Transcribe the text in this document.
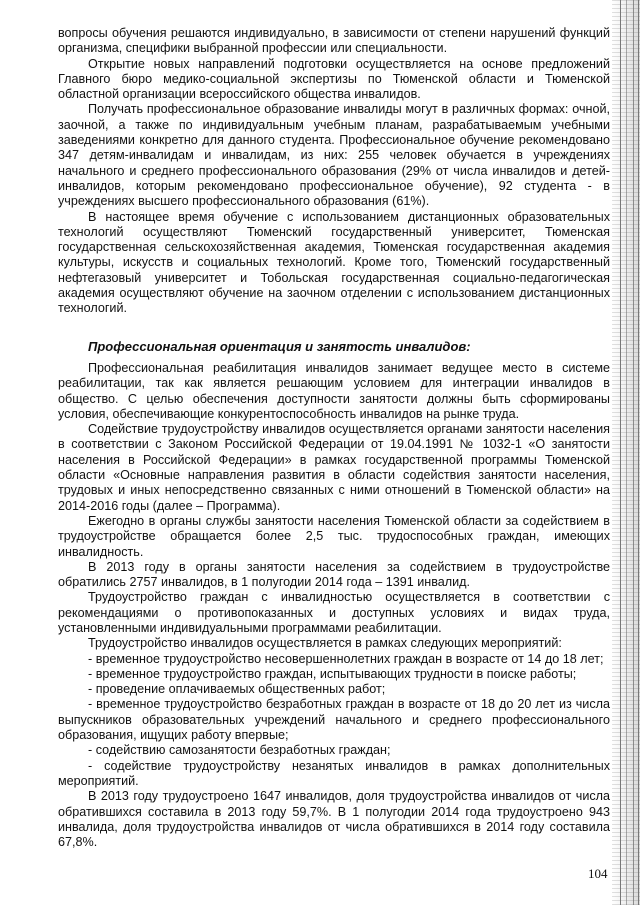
вопросы обучения решаются индивидуально, в зависимости от степени нарушений функций организма, специфики выбранной профессии или специальности.

Открытие новых направлений подготовки осуществляется на основе предложений Главного бюро медико-социальной экспертизы по Тюменской области и Тюменской областной организации всероссийского общества инвалидов.

Получать профессиональное образование инвалиды могут в различных формах: очной, заочной, а также по индивидуальным учебным планам, разрабатываемым учебными заведениями конкретно для данного студента. Профессиональное обучение рекомендовано 347 детям-инвалидам и инвалидам, из них: 255 человек обучается в учреждениях начального и среднего профессионального образования (29% от числа инвалидов и детей-инвалидов, которым рекомендовано профессиональное обучение), 92 студента - в учреждениях высшего профессионального образования (61%).

В настоящее время обучение с использованием дистанционных образовательных технологий осуществляют Тюменский государственный университет, Тюменская государственная сельскохозяйственная академия, Тюменская государственная академия культуры, искусств и социальных технологий. Кроме того, Тюменский государственный нефтегазовый университет и Тобольская государственная социально-педагогическая академия осуществляют обучение на заочном отделении с использованием дистанционных технологий.

Профессиональная ориентация и занятость инвалидов:

Профессиональная реабилитация инвалидов занимает ведущее место в системе реабилитации, так как является решающим условием для интеграции инвалидов в общество. С целью обеспечения доступности занятости должны быть сформированы условия, обеспечивающие конкурентоспособность инвалидов на рынке труда.

Содействие трудоустройству инвалидов осуществляется органами занятости населения в соответствии с Законом Российской Федерации от 19.04.1991 № 1032-1 «О занятости населения в Российской Федерации» в рамках государственной программы Тюменской области «Основные направления развития в области содействия занятости населения, трудовых и иных непосредственно связанных с ними отношений в Тюменской области» на 2014-2016 годы (далее – Программа).

Ежегодно в органы службы занятости населения Тюменской области за содействием в трудоустройстве обращается более 2,5 тыс. трудоспособных граждан, имеющих инвалидность.

В 2013 году в органы занятости населения за содействием в трудоустройстве обратились 2757 инвалидов, в 1 полугодии 2014 года – 1391 инвалид.

Трудоустройство граждан с инвалидностью осуществляется в соответствии с рекомендациями о противопоказанных и доступных условиях и видах труда, установленными индивидуальными программами реабилитации.

Трудоустройство инвалидов осуществляется в рамках следующих мероприятий:

- временное трудоустройство несовершеннолетних граждан в возрасте от 14 до 18 лет;

- временное трудоустройство граждан, испытывающих трудности в поиске работы;

- проведение оплачиваемых общественных работ;

- временное трудоустройство безработных граждан в возрасте от 18 до 20 лет из числа выпускников образовательных учреждений начального и среднего профессионального образования, ищущих работу впервые;

- содействию самозанятости безработных граждан;

- содействие трудоустройству незанятых инвалидов в рамках дополнительных мероприятий.

В 2013 году трудоустроено 1647 инвалидов, доля трудоустройства инвалидов от числа обратившихся составила в 2013 году 59,7%. В 1 полугодии 2014 года трудоустроено 943 инвалида, доля трудоустройства инвалидов от числа обратившихся в 2014 году составила 67,8%.

104
